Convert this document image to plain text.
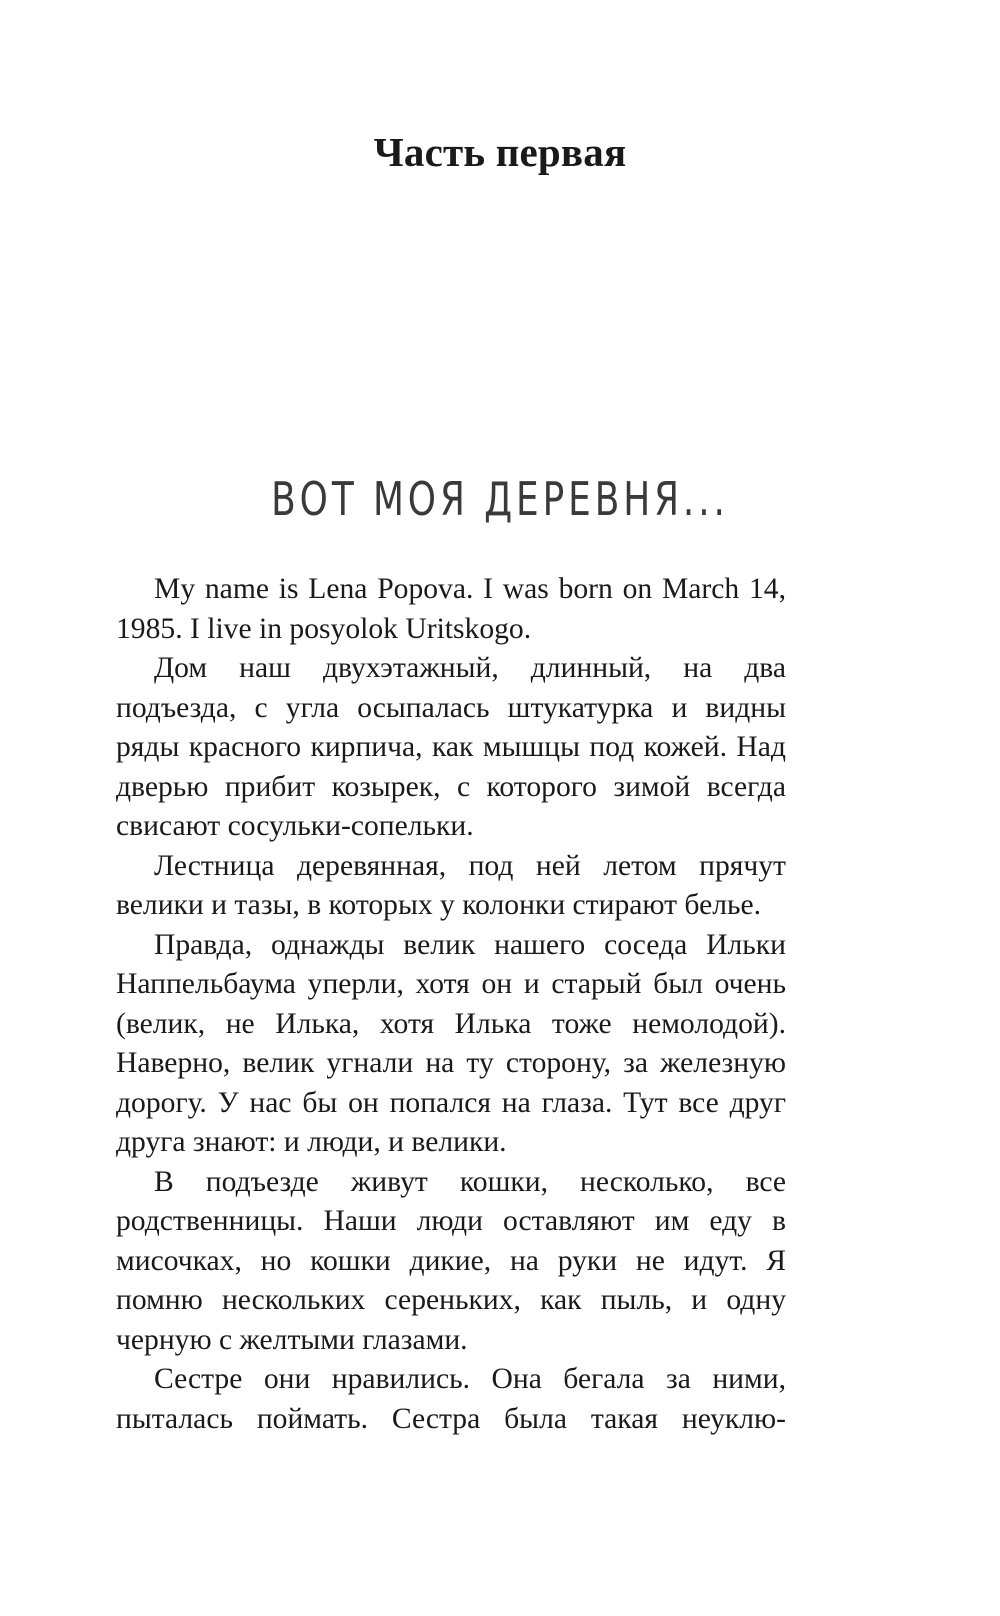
Часть первая
ВОТ МОЯ ДЕРЕВНЯ...

My name is Lena Popova. I was born on March 14, 1985. I live in posyolok Uritskogo.

Дом наш двухэтажный, длинный, на два подъезда, с угла осыпалась штукатурка и видны ряды красного кирпича, как мышцы под кожей. Над дверью прибит козырек, с которого зимой всегда свисают сосульки-сопельки.

Лестница деревянная, под ней летом прячут велики и тазы, в которых у колонки стирают белье.

Правда, однажды велик нашего соседа Ильки Наппельбаума уперли, хотя он и старый был очень (велик, не Илька, хотя Илька тоже немолодой). Наверно, велик угнали на ту сторону, за железную дорогу. У нас бы он попался на глаза. Тут все друг друга знают: и люди, и велики.

В подъезде живут кошки, несколько, все родственницы. Наши люди оставляют им еду в мисочках, но кошки дикие, на руки не идут. Я помню нескольких сереньких, как пыль, и одну черную с желтыми глазами.

Сестре они нравились. Она бегала за ними, пыталась поймать. Сестра была такая неуклю-
